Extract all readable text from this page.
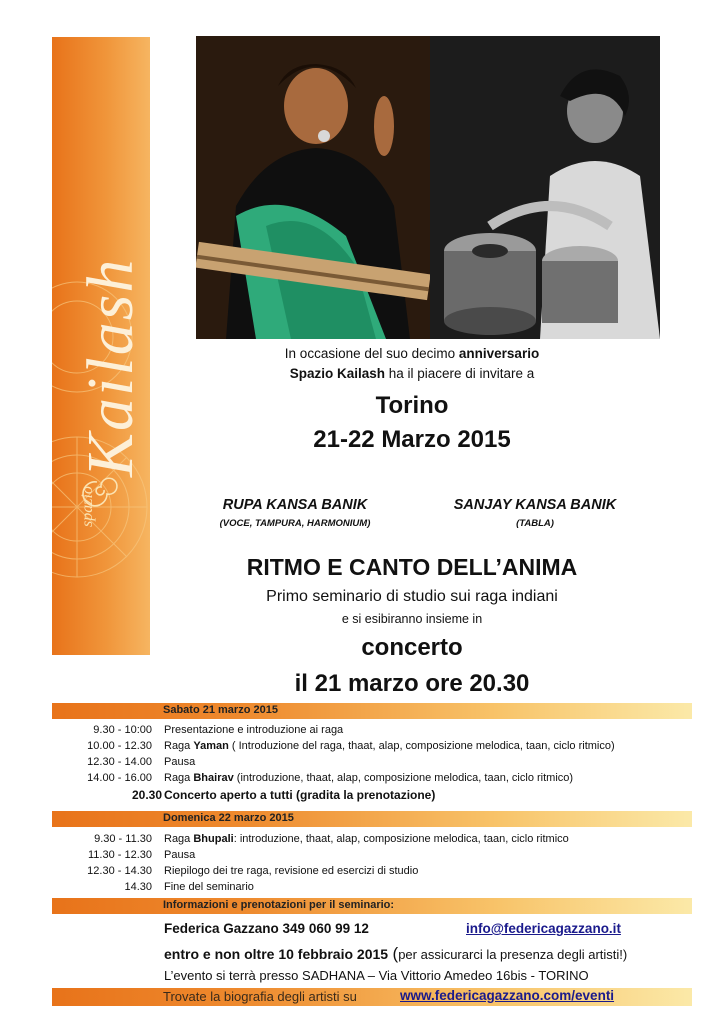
spazio
Kailash	In occasione del suo decimo anniversario
Spazio Kailash ha il piacere di invitare a
Torino
21-22 Marzo 2015
RUPA KANSA BANIK
(VOCE, TAMPURA, HARMONIUM)
SANJAY KANSA BANIK
(TABLA)
RITMO E CANTO DELL’ANIMA
Primo seminario di studio sui raga indiani
e si esibiranno insieme in
concerto
il 21 marzo ore 20.30
Sabato 21 marzo 2015
9.30 - 10:00 Presentazione e introduzione ai raga
10.00 - 12.30 Raga Yaman ( Introduzione del raga, thaat, alap, composizione melodica, taan, ciclo ritmico)
12.30 - 14.00 Pausa
14.00 - 16.00 Raga Bhairav (introduzione, thaat, alap, composizione melodica, taan, ciclo ritmico)
20.30 Concerto aperto a tutti (gradita la prenotazione)
Domenica 22 marzo 2015
9.30 - 11.30 Raga Bhupali: introduzione, thaat, alap, composizione melodica, taan, ciclo ritmico
11.30 - 12.30 Pausa
12.30 - 14.30 Riepilogo dei tre raga, revisione ed esercizi di studio
14.30 Fine del seminario
Informazioni e prenotazioni per il seminario:
Federica Gazzano 349 060 99 12	info@federicagazzano.it
entro e non oltre 10 febbraio 2015 (per assicurarci la presenza degli artisti!)
L’evento si terrà presso SADHANA – Via Vittorio Amedeo 16bis - TORINO
Trovate la biografia degli artisti su	www.federicagazzano.com/eventi
